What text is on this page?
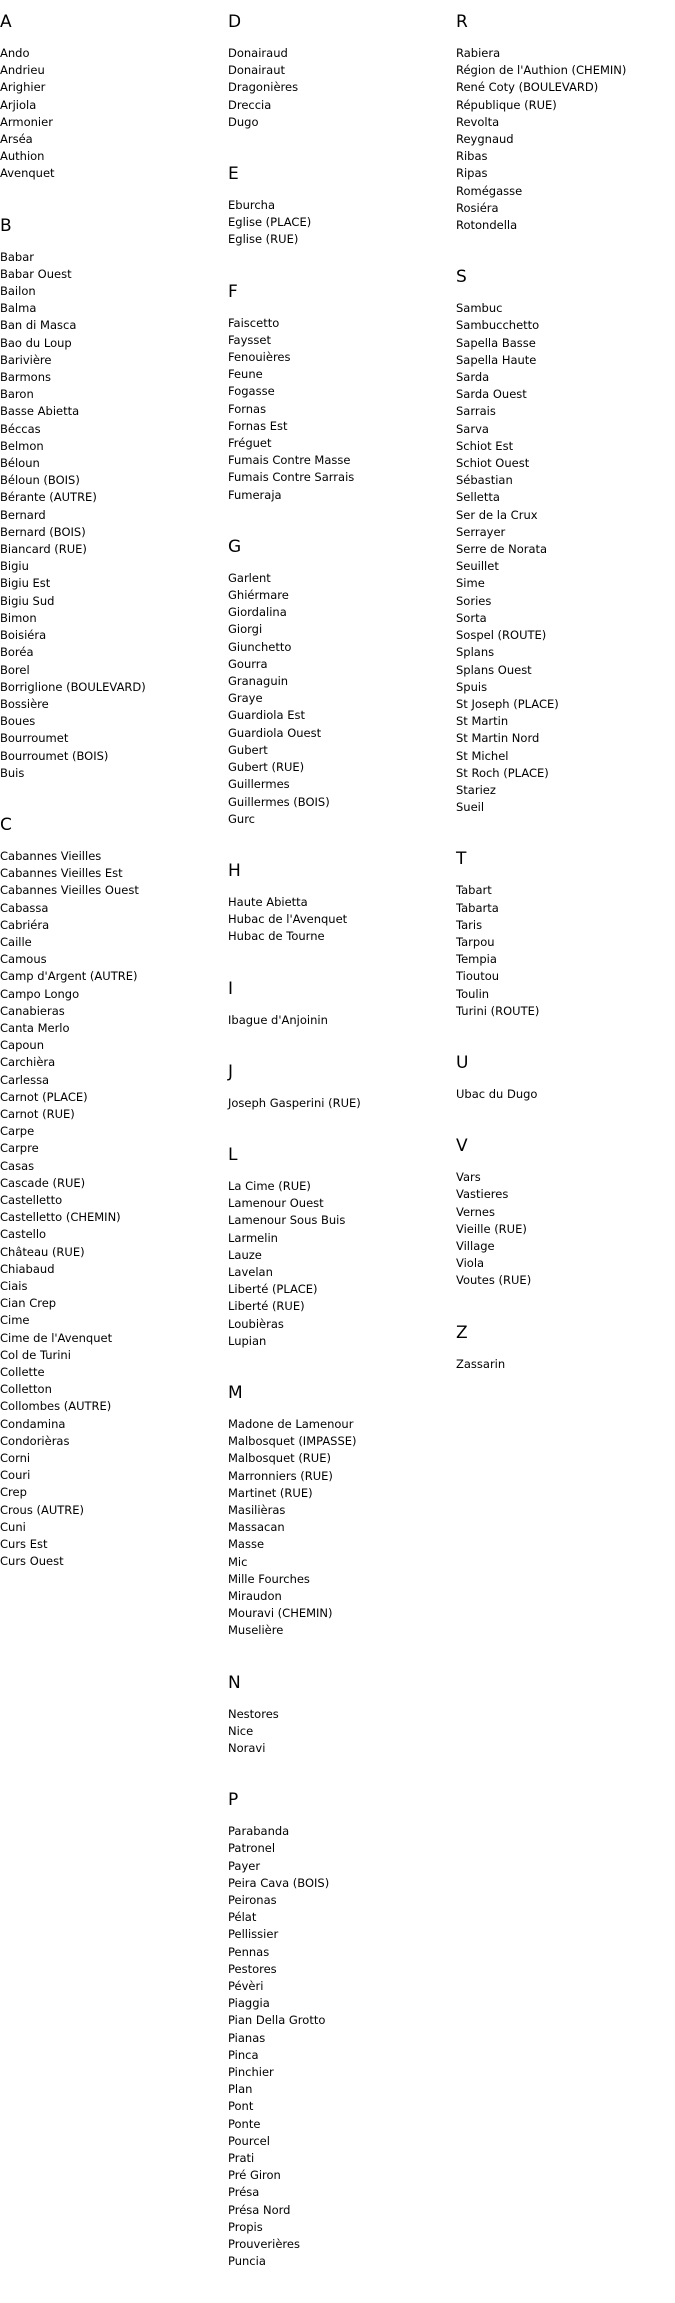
A
Ando
Andrieu
Arighier
Arjiola
Armonier
Arséa
Authion
Avenquet
B
Babar
Babar Ouest
Bailon
Balma
Ban di Masca
Bao du Loup
Barivière
Barmons
Baron
Basse Abietta
Béccas
Belmon
Béloun
Béloun (BOIS)
Bérante (AUTRE)
Bernard
Bernard (BOIS)
Biancard (RUE)
Bigiu
Bigiu Est
Bigiu Sud
Bimon
Boisiéra
Boréa
Borel
Borriglione (BOULEVARD)
Bossière
Boues
Bourroumet
Bourroumet (BOIS)
Buis
C
Cabannes Vieilles
Cabannes Vieilles Est
Cabannes Vieilles Ouest
Cabassa
Cabriéra
Caille
Camous
Camp d'Argent (AUTRE)
Campo Longo
Canabieras
Canta Merlo
Capoun
Carchièra
Carlessa
Carnot (PLACE)
Carnot (RUE)
Carpe
Carpre
Casas
Cascade (RUE)
Castelletto
Castelletto (CHEMIN)
Castello
Château (RUE)
Chiabaud
Ciais
Cian Crep
Cime
Cime de l'Avenquet
Col de Turini
Collette
Colletton
Collombes (AUTRE)
Condamina
Condorièras
Corni
Couri
Crep
Crous (AUTRE)
Cuni
Curs Est
Curs Ouest
D
Donairaud
Donairaut
Dragonières
Dreccia
Dugo
E
Eburcha
Eglise (PLACE)
Eglise (RUE)
F
Faiscetto
Faysset
Fenouières
Feune
Fogasse
Fornas
Fornas Est
Fréguet
Fumais Contre Masse
Fumais Contre Sarrais
Fumeraja
G
Garlent
Ghiérmare
Giordalina
Giorgi
Giunchetto
Gourra
Granaguin
Graye
Guardiola Est
Guardiola Ouest
Gubert
Gubert (RUE)
Guillermes
Guillermes (BOIS)
Gurc
H
Haute Abietta
Hubac de l'Avenquet
Hubac de Tourne
I
Ibague d'Anjoinin
J
Joseph Gasperini (RUE)
L
La Cime (RUE)
Lamenour Ouest
Lamenour Sous Buis
Larmelin
Lauze
Lavelan
Liberté (PLACE)
Liberté (RUE)
Loubièras
Lupian
M
Madone de Lamenour
Malbosquet (IMPASSE)
Malbosquet (RUE)
Marronniers (RUE)
Martinet (RUE)
Masilièras
Massacan
Masse
Mic
Mille Fourches
Miraudon
Mouravi (CHEMIN)
Muselière
N
Nestores
Nice
Noravi
P
Parabanda
Patronel
Payer
Peira Cava (BOIS)
Peironas
Pélat
Pellissier
Pennas
Pestores
Pévèri
Piaggia
Pian Della Grotto
Pianas
Pinca
Pinchier
Plan
Pont
Ponte
Pourcel
Prati
Pré Giron
Présa
Présa Nord
Propis
Prouverières
Puncia
R
Rabiera
Région de l'Authion (CHEMIN)
René Coty (BOULEVARD)
République (RUE)
Revolta
Reygnaud
Ribas
Ripas
Romégasse
Rosiéra
Rotondella
S
Sambuc
Sambucchetto
Sapella Basse
Sapella Haute
Sarda
Sarda Ouest
Sarrais
Sarva
Schiot Est
Schiot Ouest
Sébastian
Selletta
Ser de la Crux
Serrayer
Serre de Norata
Seuillet
Sime
Sories
Sorta
Sospel (ROUTE)
Splans
Splans Ouest
Spuis
St Joseph (PLACE)
St Martin
St Martin Nord
St Michel
St Roch (PLACE)
Stariez
Sueil
T
Tabart
Tabarta
Taris
Tarpou
Tempia
Tioutou
Toulin
Turini (ROUTE)
U
Ubac du Dugo
V
Vars
Vastieres
Vernes
Vieille (RUE)
Village
Viola
Voutes (RUE)
Z
Zassarin
